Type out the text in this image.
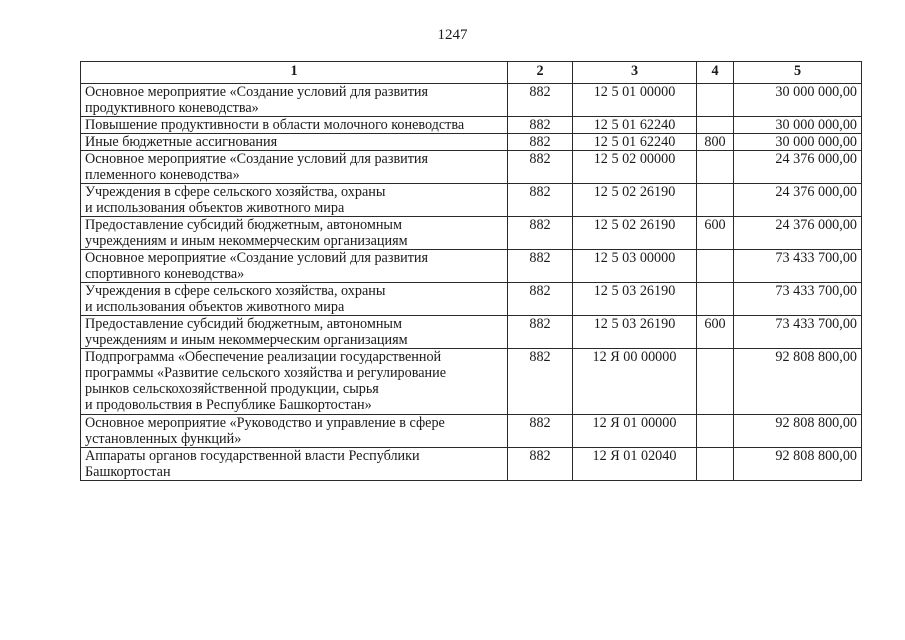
1247
1	2	3	4	5

Основное мероприятие «Создание условий для развития
продуктивного коневодства»	882	12 5 01 00000		30 000 000,00

Повышение продуктивности в области молочного коневодства	882	12 5 01 62240		30 000 000,00

Иные бюджетные ассигнования	882	12 5 01 62240	800	30 000 000,00

Основное мероприятие «Создание условий для развития
племенного коневодства»	882	12 5 02 00000		24 376 000,00

Учреждения в сфере сельского хозяйства, охраны
и использования объектов животного мира	882	12 5 02 26190		24 376 000,00

Предоставление субсидий бюджетным, автономным
учреждениям и иным некоммерческим организациям	882	12 5 02 26190	600	24 376 000,00

Основное мероприятие «Создание условий для развития
спортивного коневодства»	882	12 5 03 00000		73 433 700,00

Учреждения в сфере сельского хозяйства, охраны
и использования объектов животного мира	882	12 5 03 26190		73 433 700,00

Предоставление субсидий бюджетным, автономным
учреждениям и иным некоммерческим организациям	882	12 5 03 26190	600	73 433 700,00

Подпрограмма «Обеспечение реализации государственной
программы «Развитие сельского хозяйства и регулирование
рынков сельскохозяйственной продукции, сырья
и продовольствия в Республике Башкортостан»	882	12 Я 00 00000		92 808 800,00

Основное мероприятие «Руководство и управление в сфере
установленных функций»	882	12 Я 01 00000		92 808 800,00

Аппараты органов государственной власти Республики
Башкортостан	882	12 Я 01 02040		92 808 800,00
